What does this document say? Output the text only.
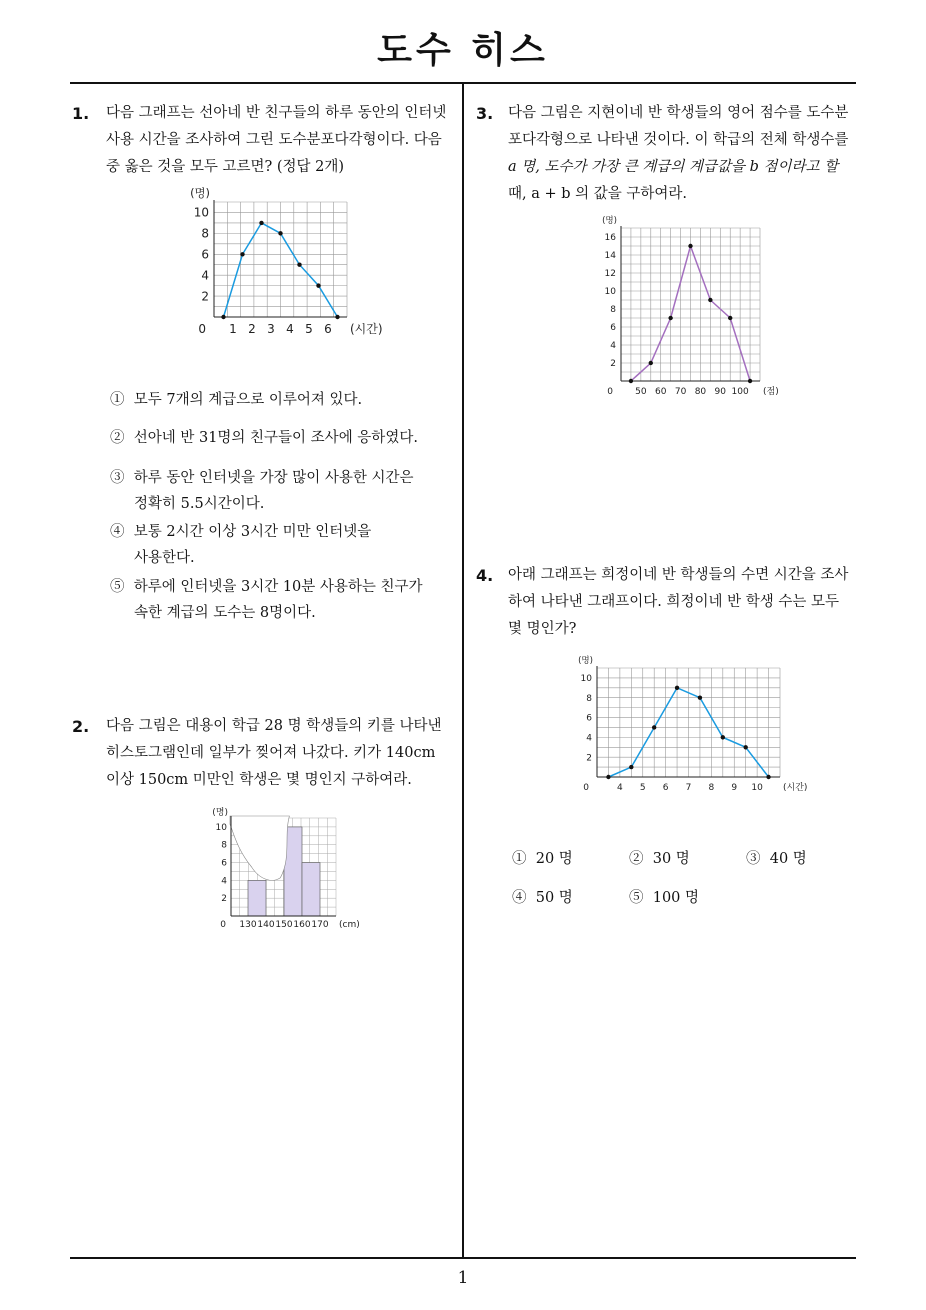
도수 히스
1
1. 다음 그래프는 선아네 반 친구들의 하루 동안의 인터넷
사용 시간을 조사하여 그린 도수분포다각형이다. 다음
중 옳은 것을 모두 고르면? (정답 2개)
2
4
6
8
10
1 2 3 4 5 6
0
(명)
(시간)
2
4
6
8
10
130 140 150 160 170
0
(명)
(cm)
2
4
6
8
10
12
14
16
50 60 70 80 90 100
0
(명)
(점)
2
4
6
8
10
4 5 6 7 8 9 10
0
(명)
(시간)
① 모두 7개의 계급으로 이루어져 있다.
② 선아네 반 31명의 친구들이 조사에 응하였다.
③ 하루 동안 인터넷을 가장 많이 사용한 시간은
정확히 5.5시간이다.
④ 보통 2시간 이상 3시간 미만 인터넷을
사용한다.
⑤ 하루에 인터넷을 3시간 10분 사용하는 친구가
속한 계급의 도수는 8명이다.
2. 다음 그림은 대용이 학급 28 명 학생들의 키를 나타낸
히스토그램인데 일부가 찢어져 나갔다. 키가 140cm
이상 150cm 미만인 학생은 몇 명인지 구하여라.
3. 다음 그림은 지현이네 반 학생들의 영어 점수를 도수분
포다각형으로 나타낸 것이다. 이 학급의 전체 학생수를
a 명, 도수가 가장 큰 계급의 계급값을 b 점이라고 할
때, a + b 의 값을 구하여라.
4. 아래 그래프는 희정이네 반 학생들의 수면 시간을 조사
하여 나타낸 그래프이다. 희정이네 반 학생 수는 모두
몇 명인가?
① 20 명	② 30 명	③ 40 명
④ 50 명	⑤ 100 명
